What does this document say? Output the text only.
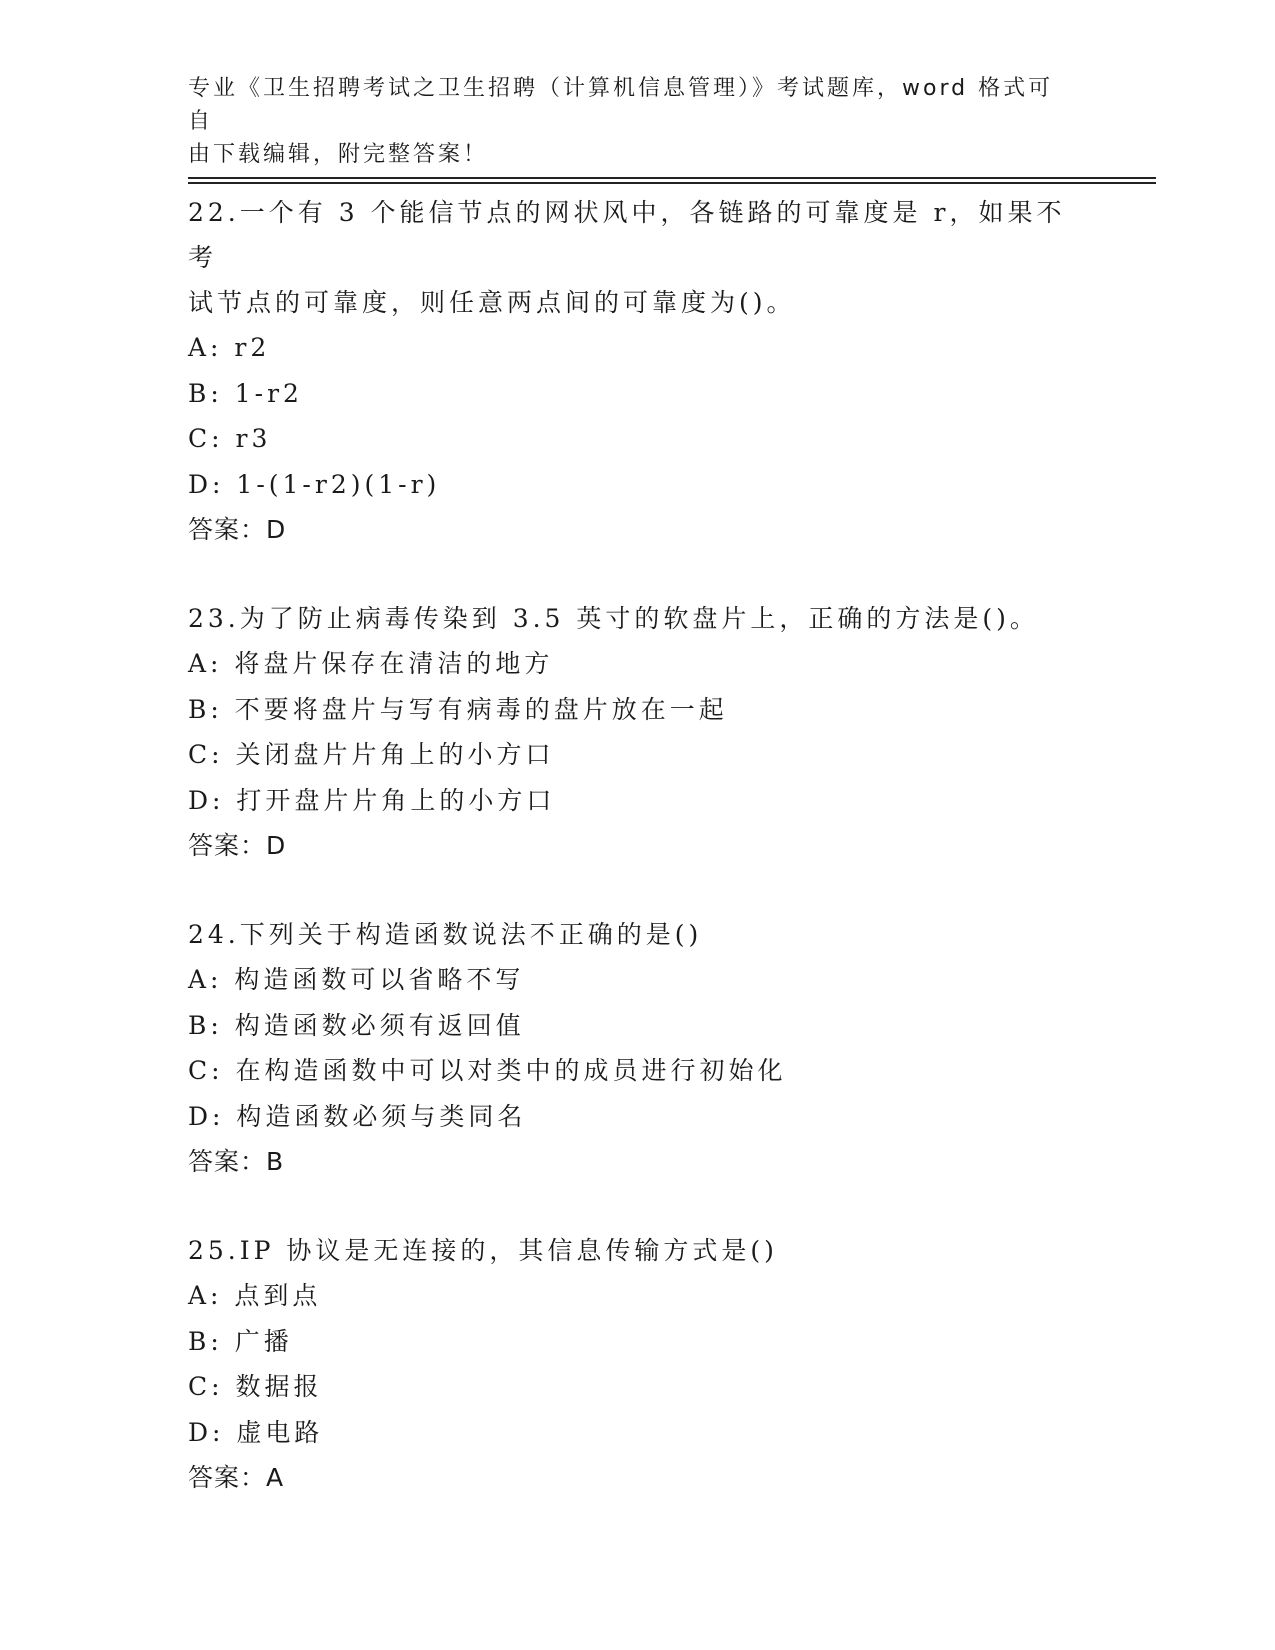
专业《卫生招聘考试之卫生招聘（计算机信息管理）》考试题库，word 格式可自
由下载编辑，附完整答案！

22.一个有 3 个能信节点的网状风中，各链路的可靠度是 r，如果不考

试节点的可靠度，则任意两点间的可靠度为()。

A: r2

B: 1-r2

C: r3

D: 1-(1-r2)(1-r)

答案：D

23.为了防止病毒传染到 3.5 英寸的软盘片上，正确的方法是()。

A: 将盘片保存在清洁的地方

B: 不要将盘片与写有病毒的盘片放在一起

C: 关闭盘片片角上的小方口

D: 打开盘片片角上的小方口

答案：D

24.下列关于构造函数说法不正确的是()

A: 构造函数可以省略不写

B: 构造函数必须有返回值

C: 在构造函数中可以对类中的成员进行初始化

D: 构造函数必须与类同名

答案：B

25.IP 协议是无连接的，其信息传输方式是()

A: 点到点

B: 广播

C: 数据报

D: 虚电路

答案：A
